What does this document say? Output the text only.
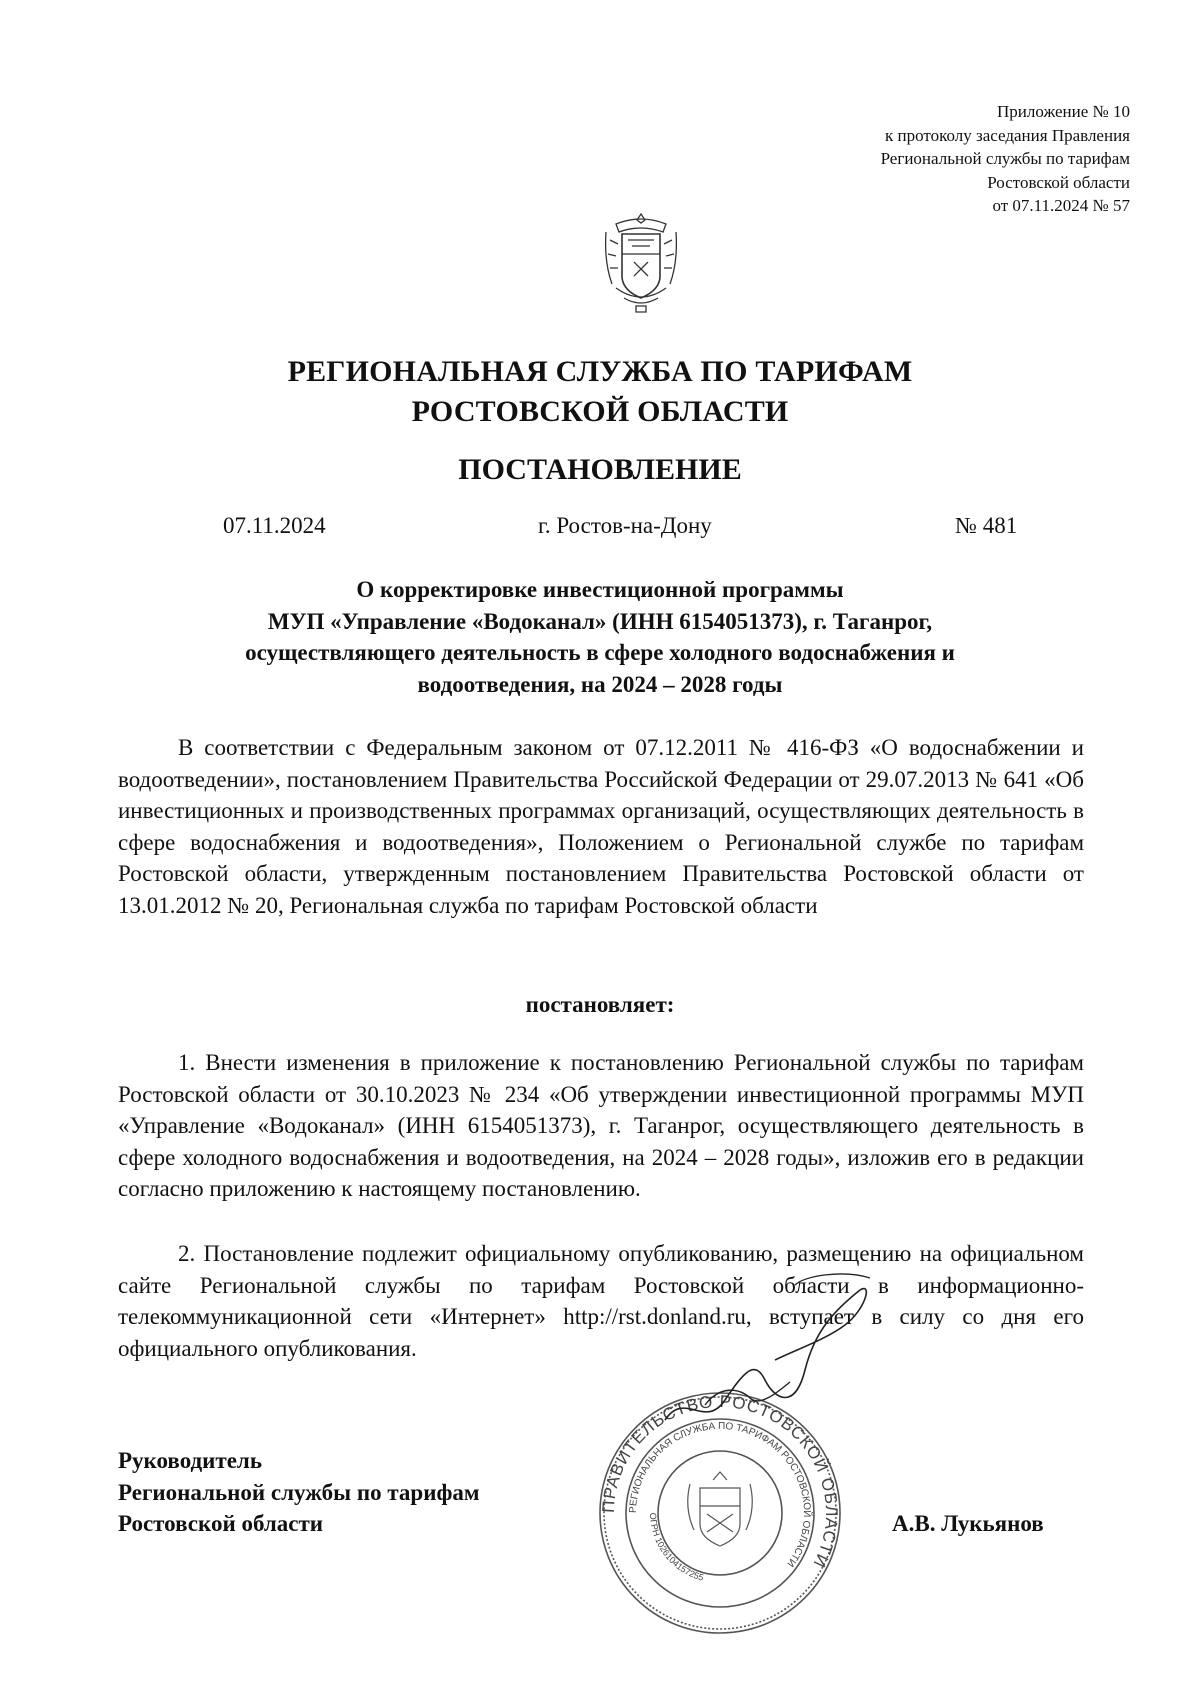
Приложение № 10
к протоколу заседания Правления
Региональной службы по тарифам
Ростовской области
от 07.11.2024 № 57
РЕГИОНАЛЬНАЯ СЛУЖБА ПО ТАРИФАМ
РОСТОВСКОЙ ОБЛАСТИ
ПОСТАНОВЛЕНИЕ
07.11.2024	г. Ростов-на-Дону	№ 481
О корректировке инвестиционной программы
МУП «Управление «Водоканал» (ИНН 6154051373), г. Таганрог,
осуществляющего деятельность в сфере холодного водоснабжения и
водоотведения, на 2024 – 2028 годы

В соответствии с Федеральным законом от 07.12.2011 № 416-ФЗ «О водоснабжении и водоотведении», постановлением Правительства Российской Федерации от 29.07.2013 № 641 «Об инвестиционных и производственных программах организаций, осуществляющих деятельность в сфере водоснабжения и водоотведения», Положением о Региональной службе по тарифам Ростовской области, утвержденным постановлением Правительства Ростовской области от 13.01.2012 № 20, Региональная служба по тарифам Ростовской области

постановляет:

1. Внести изменения в приложение к постановлению Региональной службы по тарифам Ростовской области от 30.10.2023 № 234 «Об утверждении инвестиционной программы МУП «Управление «Водоканал» (ИНН 6154051373), г. Таганрог, осуществляющего деятельность в сфере холодного водоснабжения и водоотведения, на 2024 – 2028 годы», изложив его в редакции согласно приложению к настоящему постановлению.

2. Постановление подлежит официальному опубликованию, размещению на официальном сайте Региональной службы по тарифам Ростовской области в информационно-телекоммуникационной сети «Интернет» http://rst.donland.ru, вступает в силу со дня его официального опубликования.

Руководитель
Региональной службы по тарифам
Ростовской области
ПРАВИТЕЛЬСТВО РОСТОВСКОЙ ОБЛАСТИ
РЕГИОНАЛЬНАЯ СЛУЖБА ПО ТАРИФАМ РОСТОВСКОЙ ОБЛАСТИ
ОГРН 1026104157255
А.В. Лукьянов
